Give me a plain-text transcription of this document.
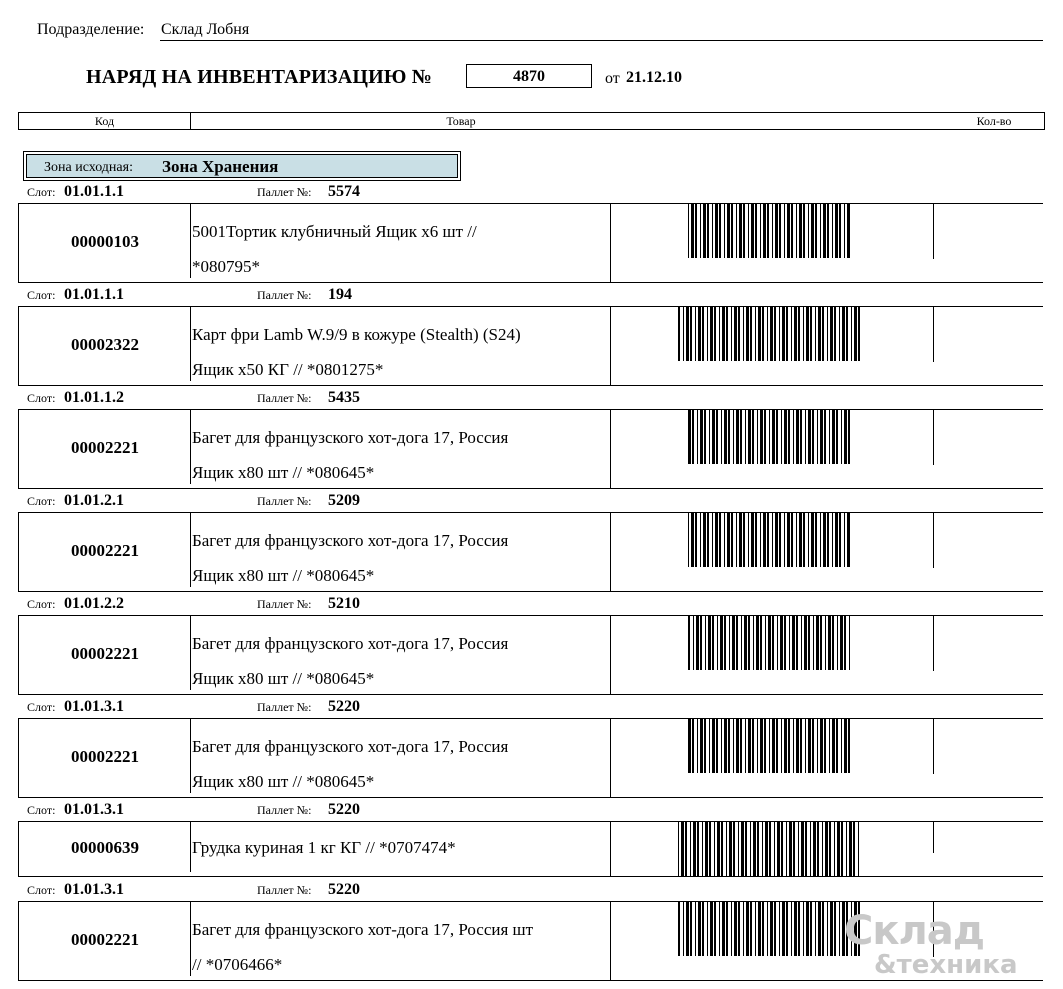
Подразделение: Склад Лобня
НАРЯД НА ИНВЕНТАРИЗАЦИЮ №	4870	от 21.12.10
Код	Товар	Кол-во
Зона исходная: Зона Хранения
Слот: 01.01.1.1	Паллет №: 5574
00000103
5001Тортик клубничный Ящик х6 шт //
*080795*
Слот: 01.01.1.1	Паллет №: 194
00002322
Карт фри Lamb W.9/9 в кожуре (Stealth) (S24)
Ящик х50 КГ // *0801275*
Слот: 01.01.1.2	Паллет №: 5435
00002221
Багет для французского хот-дога 17, Россия
Ящик х80 шт // *080645*
Слот: 01.01.2.1	Паллет №: 5209
00002221
Багет для французского хот-дога 17, Россия
Ящик х80 шт // *080645*
Слот: 01.01.2.2	Паллет №: 5210
00002221
Багет для французского хот-дога 17, Россия
Ящик х80 шт // *080645*
Слот: 01.01.3.1	Паллет №: 5220
00002221
Багет для французского хот-дога 17, Россия
Ящик х80 шт // *080645*
Слот: 01.01.3.1	Паллет №: 5220
00000639	Грудка куриная 1 кг КГ // *0707474*
Слот: 01.01.3.1	Паллет №: 5220
00002221
Багет для французского хот-дога 17, Россия шт
// *0706466*
Склад
&техника
